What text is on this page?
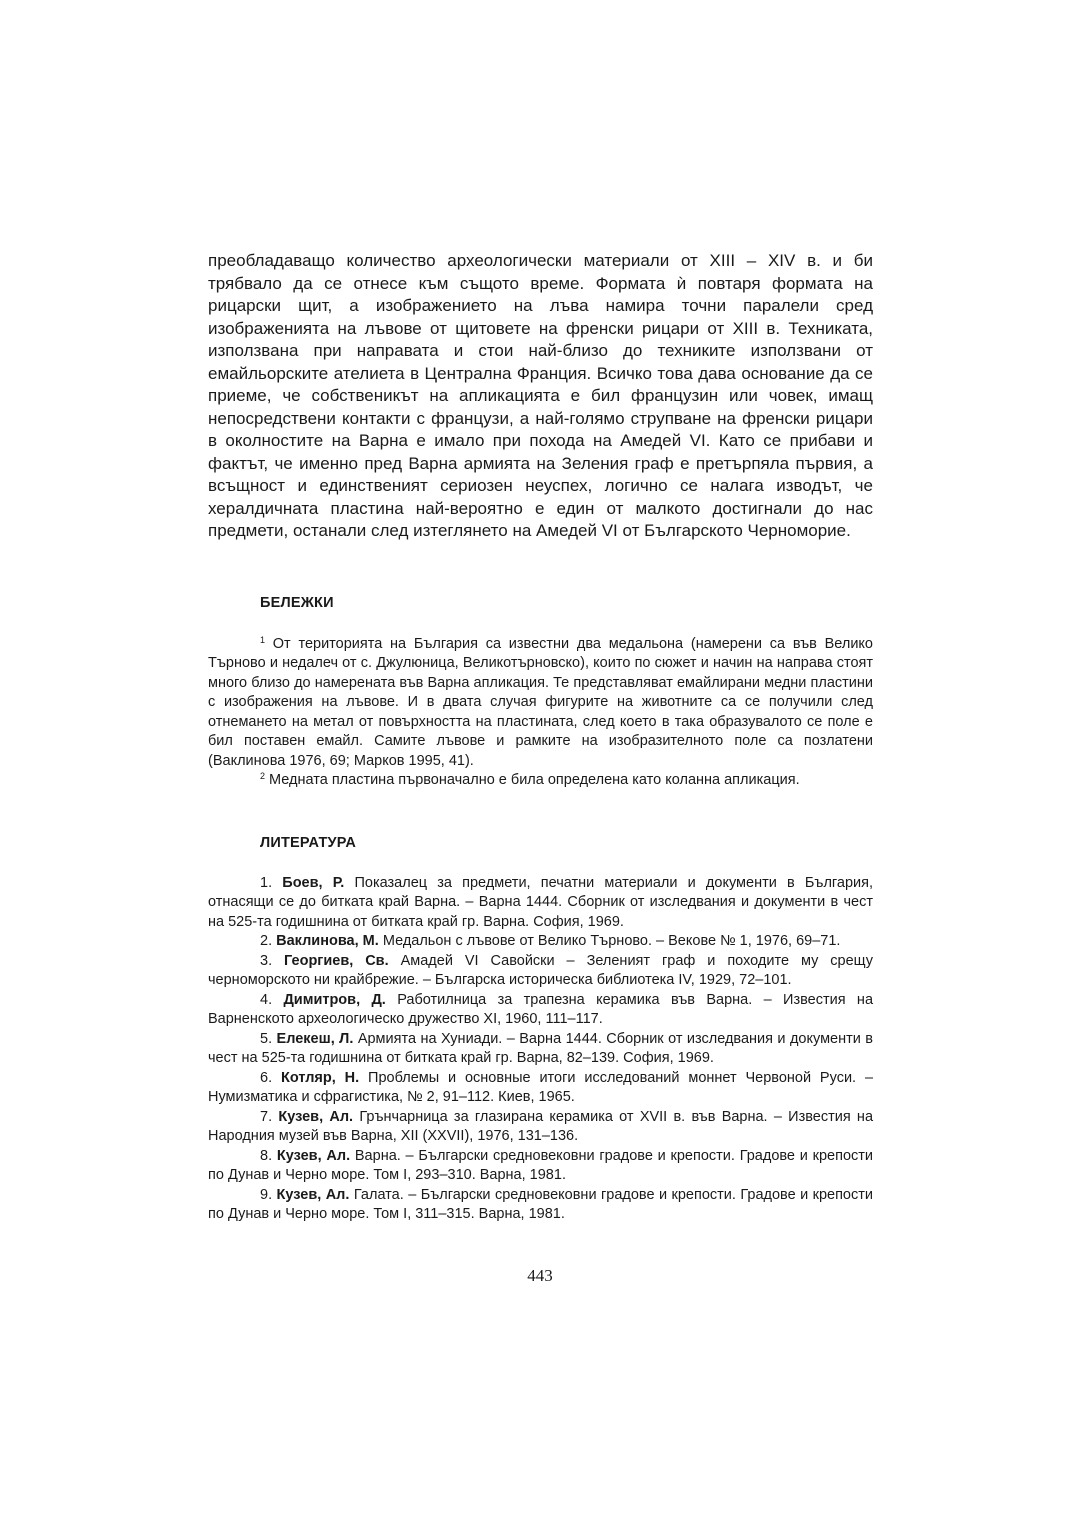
преобладаващо количество археологически материали от XIII – XIV в. и би трябвало да се отнесе към същото време. Формата ѝ повтаря формата на рицарски щит, а изображението на лъва намира точни паралели сред изображенията на лъвове от щитовете на френски рицари от XIII в. Техниката, използвана при направата и стои най-близо до техниките използвани от емайльорските ателиета в Централна Франция. Всичко това дава основание да се приеме, че собственикът на апликацията е бил французин или човек, имащ непосредствени контакти с французи, а най-голямо струпване на френски рицари в околностите на Варна е имало при похода на Амедей VI. Като се прибави и фактът, че именно пред Варна армията на Зеления граф е претърпяла първия, а всъщност и единственият сериозен неуспех, логично се налага изводът, че хералдичната пластина най-вероятно е един от малкото достигнали до нас предмети, останали след изтеглянето на Амедей VI от Българското Черноморие.

БЕЛЕЖКИ

$^1$ От територията на България са известни два медальона (намерени са във Велико Търново и недалеч от с. Джулюница, Великотърновско), които по сюжет и начин на направа стоят много близо до намерената във Варна апликация. Те представляват емайлирани медни пластини с изображения на лъвове. И в двата случая фигурите на животните са се получили след отнемането на метал от повърхността на пластината, след което в така образувалото се поле е бил поставен емайл. Самите лъвове и рамките на изобразителното поле са позлатени (Ваклинова 1976, 69; Марков 1995, 41).

$^2$ Медната пластина първоначално е била определена като коланна апликация.

ЛИТЕРАТУРА

1. Боев, Р. Показалец за предмети, печатни материали и документи в България, отнасящи се до битката край Варна. – Варна 1444. Сборник от изследвания и документи в чест на 525-та годишнина от битката край гр. Варна. София, 1969.

2. Ваклинова, М. Медальон с лъвове от Велико Търново. – Векове № 1, 1976, 69–71.

3. Георгиев, Св. Амадей VI Савойски – Зеленият граф и походите му срещу черноморското ни крайбрежие. – Българска историческа библиотека IV, 1929, 72–101.

4. Димитров, Д. Работилница за трапезна керамика във Варна. – Известия на Варненското археологическо дружество XI, 1960, 111–117.

5. Елекеш, Л. Армията на Хуниади. – Варна 1444. Сборник от изследвания и документи в чест на 525-та годишнина от битката край гр. Варна, 82–139. София, 1969.

6. Котляр, Н. Проблемы и основные итоги исследований моннет Червоной Руси. – Нумизматика и сфрагистика, № 2, 91–112. Киев, 1965.

7. Кузев, Ал. Грънчарница за глазирана керамика от XVII в. във Варна. – Известия на Народния музей във Варна, XII (XXVII), 1976, 131–136.

8. Кузев, Ал. Варна. – Български средновековни градове и крепости. Градове и крепости по Дунав и Черно море. Том I, 293–310. Варна, 1981.

9. Кузев, Ал. Галата. – Български средновековни градове и крепости. Градове и крепости по Дунав и Черно море. Том I, 311–315. Варна, 1981.

443
